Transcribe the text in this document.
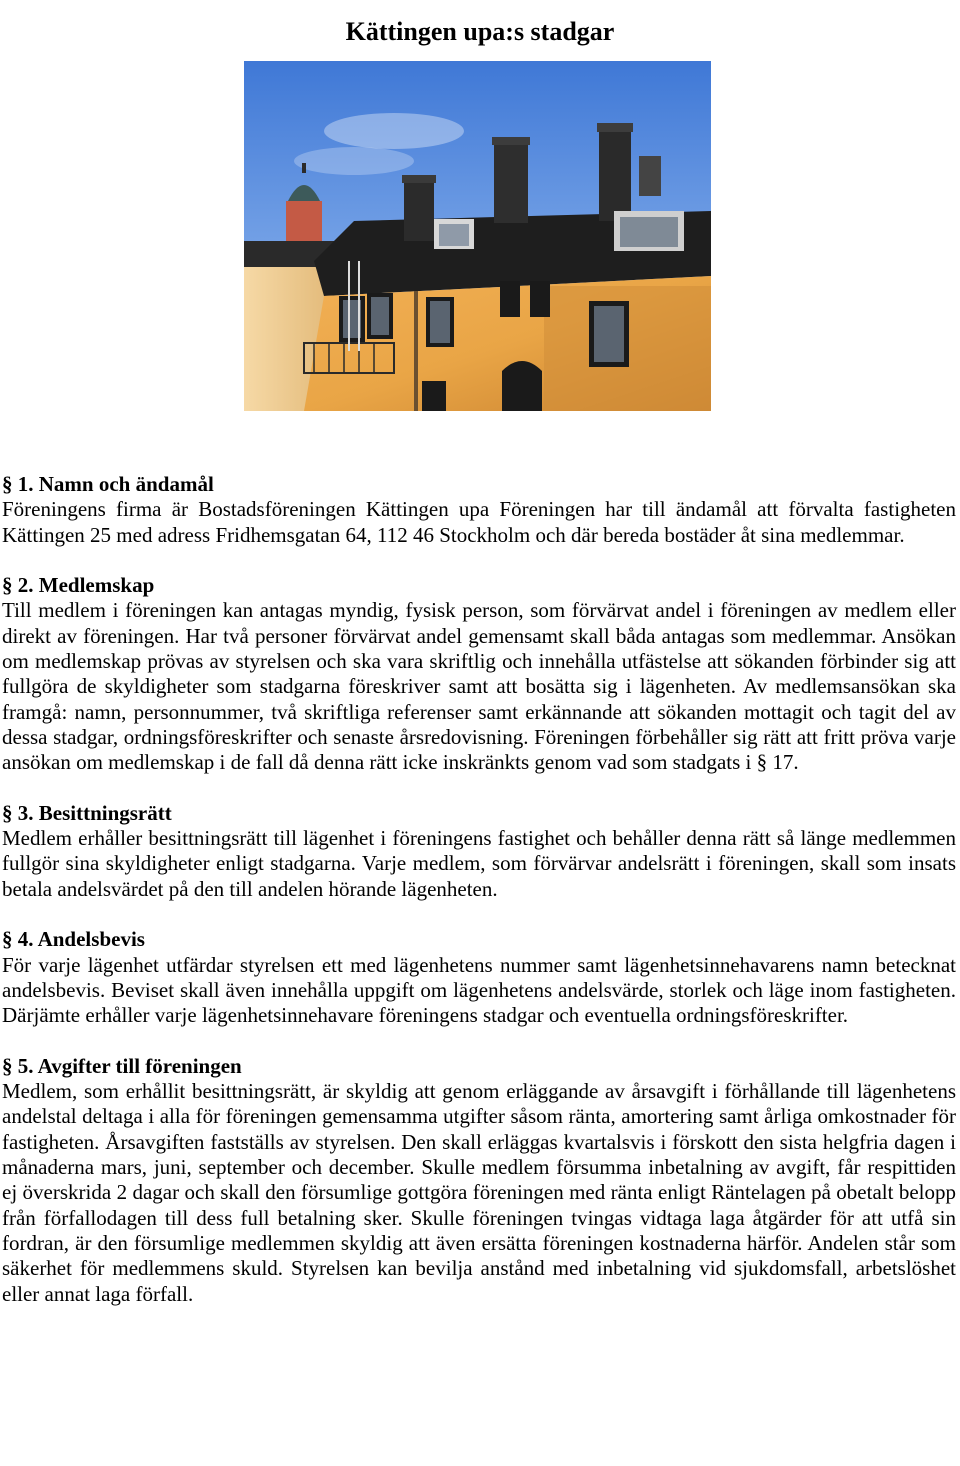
Kättingen upa:s stadgar
§ 1. Namn och ändamål

Föreningens firma är Bostadsföreningen Kättingen upa Föreningen har till ändamål att förvalta fastigheten Kättingen 25 med adress Fridhemsgatan 64, 112 46 Stockholm och där bereda bostäder åt sina medlemmar.

§ 2. Medlemskap

Till medlem i föreningen kan antagas myndig, fysisk person, som förvärvat andel i föreningen av medlem eller direkt av föreningen. Har två personer förvärvat andel gemensamt skall båda antagas som medlemmar. Ansökan om medlemskap prövas av styrelsen och ska vara skriftlig och innehålla utfästelse att sökanden förbinder sig att fullgöra de skyldigheter som stadgarna föreskriver samt att bosätta sig i lägenheten. Av medlemsansökan ska framgå: namn, personnummer, två skriftliga referenser samt erkännande att sökanden mottagit och tagit del av dessa stadgar, ordningsföreskrifter och senaste årsredovisning. Föreningen förbehåller sig rätt att fritt pröva varje ansökan om medlemskap i de fall då denna rätt icke inskränkts genom vad som stadgats i § 17.

§ 3. Besittningsrätt

Medlem erhåller besittningsrätt till lägenhet i föreningens fastighet och behåller denna rätt så länge medlemmen fullgör sina skyldigheter enligt stadgarna. Varje medlem, som förvärvar andelsrätt i föreningen, skall som insats betala andelsvärdet på den till andelen hörande lägenheten.

§ 4. Andelsbevis

För varje lägenhet utfärdar styrelsen ett med lägenhetens nummer samt lägenhetsinnehavarens namn betecknat andelsbevis. Beviset skall även innehålla uppgift om lägenhetens andelsvärde, storlek och läge inom fastigheten. Därjämte erhåller varje lägenhetsinnehavare föreningens stadgar och eventuella ordningsföreskrifter.

§ 5. Avgifter till föreningen

Medlem, som erhållit besittningsrätt, är skyldig att genom erläggande av årsavgift i förhållande till lägenhetens andelstal deltaga i alla för föreningen gemensamma utgifter såsom ränta, amortering samt årliga omkostnader för fastigheten. Årsavgiften fastställs av styrelsen. Den skall erläggas kvartalsvis i förskott den sista helgfria dagen i månaderna mars, juni, september och december. Skulle medlem försumma inbetalning av avgift, får respittiden ej överskrida 2 dagar och skall den försumlige gottgöra föreningen med ränta enligt Räntelagen på obetalt belopp från förfallodagen till dess full betalning sker. Skulle föreningen tvingas vidtaga laga åtgärder för att utfå sin fordran, är den försumlige medlemmen skyldig att även ersätta föreningen kostnaderna härför. Andelen står som säkerhet för medlemmens skuld. Styrelsen kan bevilja anstånd med inbetalning vid sjukdomsfall, arbetslöshet eller annat laga förfall.
